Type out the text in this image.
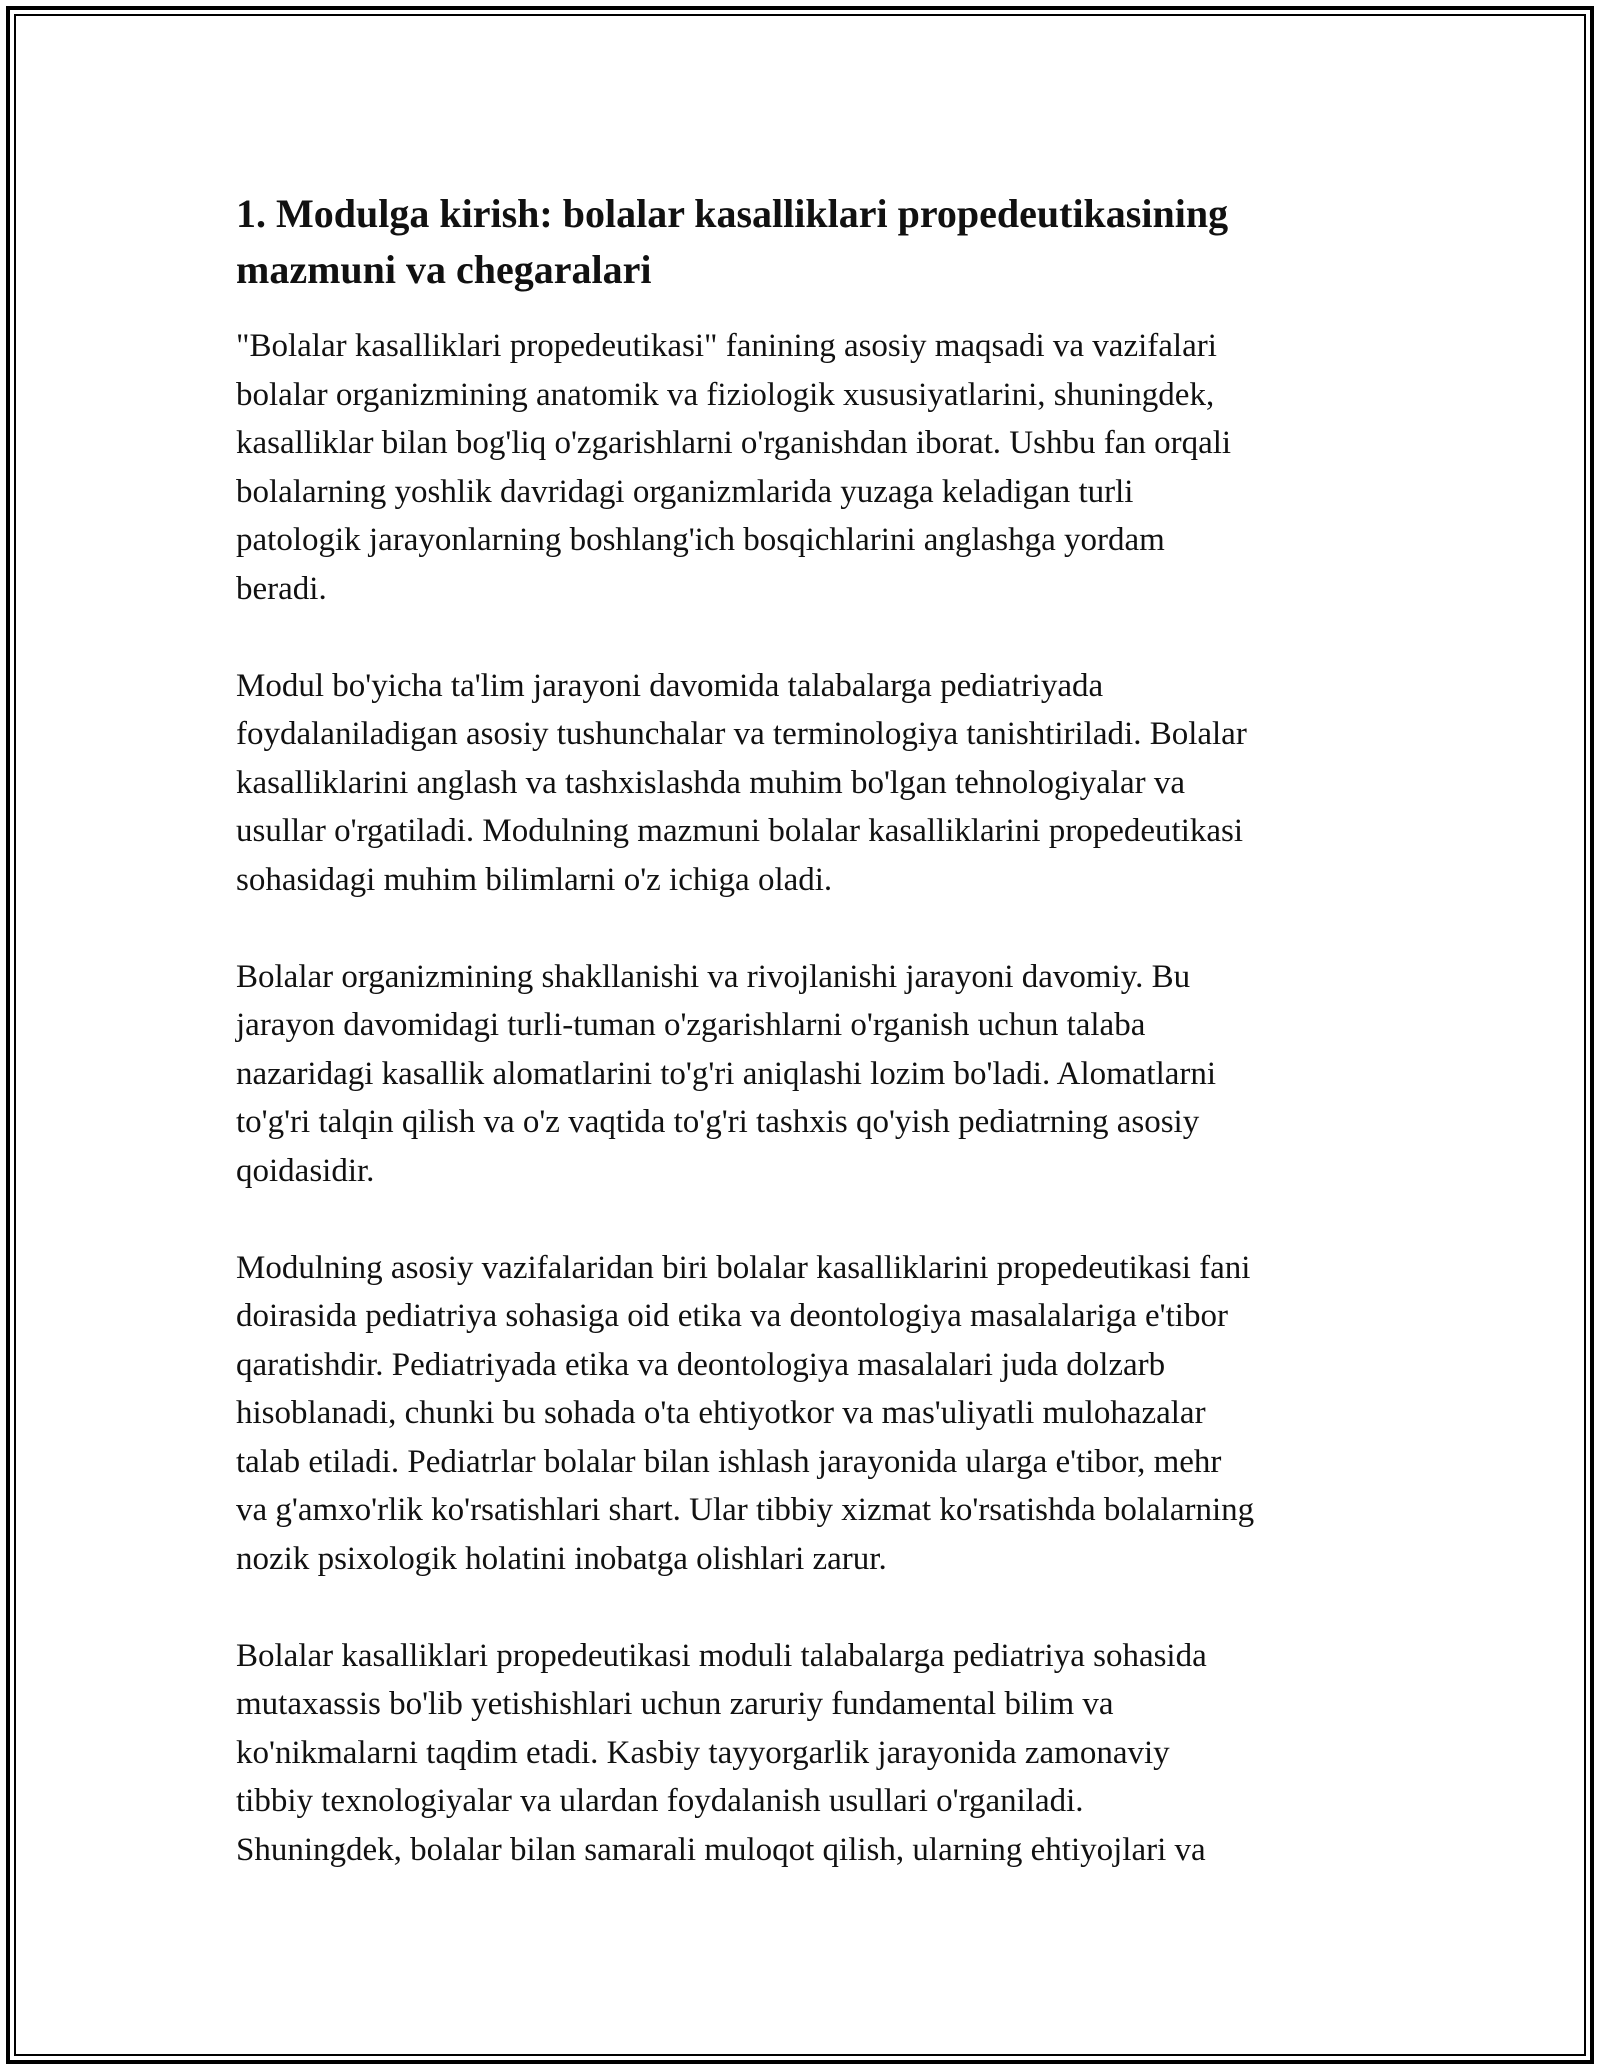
1. Modulga kirish: bolalar kasalliklari propedeutikasining
mazmuni va chegaralari

"Bolalar kasalliklari propedeutikasi" fanining asosiy maqsadi va vazifalari
bolalar organizmining anatomik va fiziologik xususiyatlarini, shuningdek,
kasalliklar bilan bog'liq o'zgarishlarni o'rganishdan iborat. Ushbu fan orqali
bolalarning yoshlik davridagi organizmlarida yuzaga keladigan turli
patologik jarayonlarning boshlang'ich bosqichlarini anglashga yordam
beradi.

Modul bo'yicha ta'lim jarayoni davomida talabalarga pediatriyada
foydalaniladigan asosiy tushunchalar va terminologiya tanishtiriladi. Bolalar
kasalliklarini anglash va tashxislashda muhim bo'lgan tehnologiyalar va
usullar o'rgatiladi. Modulning mazmuni bolalar kasalliklarini propedeutikasi
sohasidagi muhim bilimlarni o'z ichiga oladi.

Bolalar organizmining shakllanishi va rivojlanishi jarayoni davomiy. Bu
jarayon davomidagi turli-tuman o'zgarishlarni o'rganish uchun talaba
nazaridagi kasallik alomatlarini to'g'ri aniqlashi lozim bo'ladi. Alomatlarni
to'g'ri talqin qilish va o'z vaqtida to'g'ri tashxis qo'yish pediatrning asosiy
qoidasidir.

Modulning asosiy vazifalaridan biri bolalar kasalliklarini propedeutikasi fani
doirasida pediatriya sohasiga oid etika va deontologiya masalalariga e'tibor
qaratishdir. Pediatriyada etika va deontologiya masalalari juda dolzarb
hisoblanadi, chunki bu sohada o'ta ehtiyotkor va mas'uliyatli mulohazalar
talab etiladi. Pediatrlar bolalar bilan ishlash jarayonida ularga e'tibor, mehr
va g'amxo'rlik ko'rsatishlari shart. Ular tibbiy xizmat ko'rsatishda bolalarning
nozik psixologik holatini inobatga olishlari zarur.

Bolalar kasalliklari propedeutikasi moduli talabalarga pediatriya sohasida
mutaxassis bo'lib yetishishlari uchun zaruriy fundamental bilim va
ko'nikmalarni taqdim etadi. Kasbiy tayyorgarlik jarayonida zamonaviy
tibbiy texnologiyalar va ulardan foydalanish usullari o'rganiladi.
Shuningdek, bolalar bilan samarali muloqot qilish, ularning ehtiyojlari va
